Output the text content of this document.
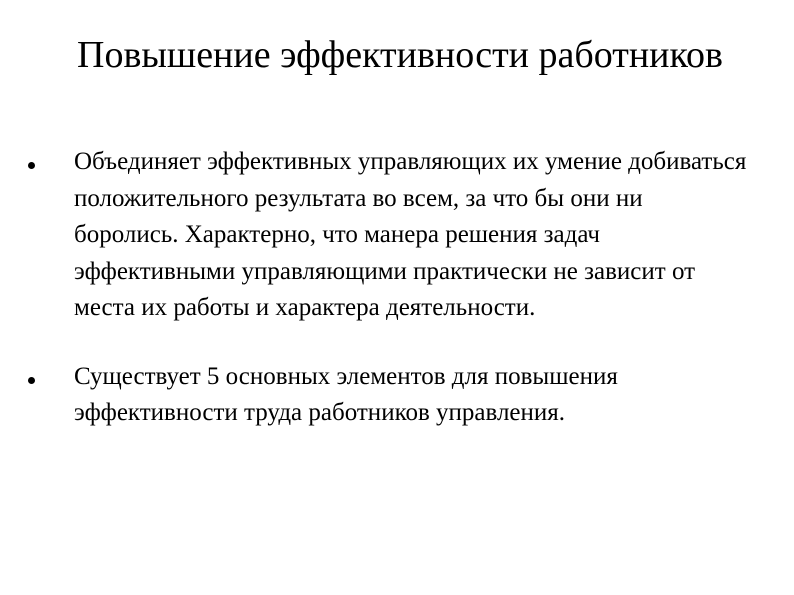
Повышение эффективности работников
Объединяет эффективных управляющих их умение добиваться положительного результата во всем, за что бы они ни боролись. Характерно, что манера решения задач эффективными управляющими практически не зависит от места их работы и характера деятельности.
Существует 5 основных элементов для повышения эффективности труда работников управления.
